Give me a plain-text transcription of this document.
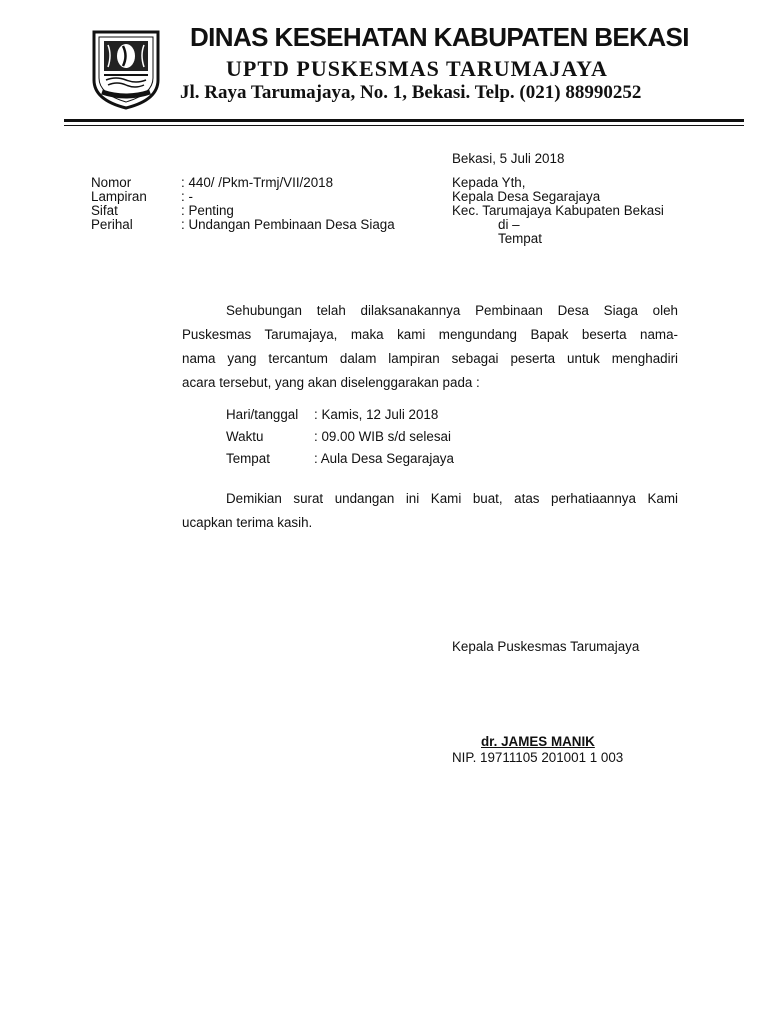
DINAS KESEHATAN KABUPATEN BEKASI
UPTD PUSKESMAS TARUMAJAYA
Jl. Raya Tarumajaya, No. 1, Bekasi. Telp. (021) 88990252
Bekasi, 5 Juli 2018
Nomor	: 440/ /Pkm-Trmj/VII/2018
Lampiran	: -
Sifat	: Penting
Perihal	: Undangan Pembinaan Desa Siaga
Kepada Yth,
Kepala Desa Segarajaya
Kec. Tarumajaya Kabupaten Bekasi
di –
Tempat
Sehubungan telah dilaksanakannya Pembinaan Desa Siaga oleh
Puskesmas Tarumajaya, maka kami mengundang Bapak beserta nama-
nama yang tercantum dalam lampiran sebagai peserta untuk menghadiri
acara tersebut, yang akan diselenggarakan pada :
Hari/tanggal : Kamis, 12 Juli 2018
Waktu	: 09.00 WIB s/d selesai
Tempat	: Aula Desa Segarajaya
Demikian surat undangan ini Kami buat, atas perhatiaannya Kami
ucapkan terima kasih.
Kepala Puskesmas Tarumajaya
dr. JAMES MANIK
NIP. 19711105 201001 1 003
